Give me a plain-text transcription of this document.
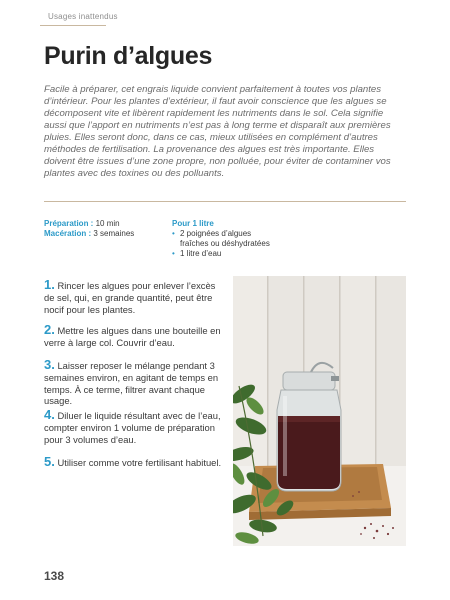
Usages inattendus
Purin d’algues

Facile à préparer, cet engrais liquide convient parfaitement à toutes vos plantes d’intérieur. Pour les plantes d’extérieur, il faut avoir conscience que les algues se décomposent vite et libèrent rapidement les nutriments dans le sol. Cela signifie aussi que l’apport en nutriments n’est pas à long terme et disparaît aux premières pluies. Elles seront donc, dans ce cas, mieux utilisées en complément d’autres méthodes de fertilisation. La provenance des algues est très importante. Elles doivent être issues d’une zone propre, non polluée, pour éviter de contaminer vos plantes avec des toxines ou des polluants.

Préparation : 10 min
Macération : 3 semaines
Pour 1 litre
• 2 poignées d’algues
fraîches ou déshydratées
• 1 litre d’eau
1. Rincer les algues pour enlever l’excès de sel, qui, en grande quantité, peut être nocif pour les plantes.
2. Mettre les algues dans une bouteille en verre à large col. Couvrir d’eau.
3. Laisser reposer le mélange pendant 3 semaines environ, en agitant de temps en temps. À ce terme, filtrer avant chaque usage.
4. Diluer le liquide résultant avec de l’eau, compter environ 1 volume de préparation pour 3 volumes d’eau.
5. Utiliser comme votre fertilisant habituel.
138
